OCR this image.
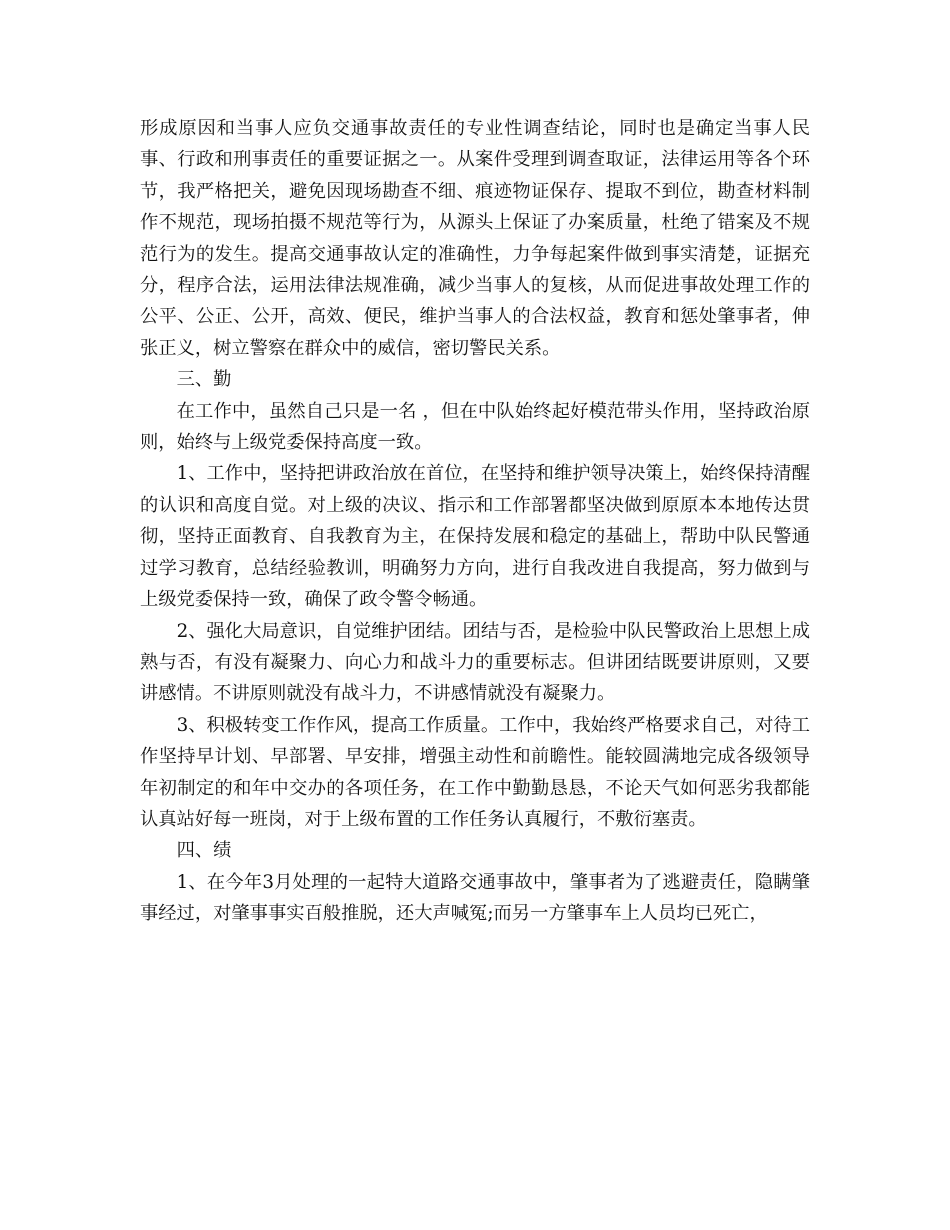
形成原因和当事人应负交通事故责任的专业性调查结论，同时也是确定当事人民事、行政和刑事责任的重要证据之一。从案件受理到调查取证，法律运用等各个环节，我严格把关，避免因现场勘查不细、痕迹物证保存、提取不到位，勘查材料制作不规范，现场拍摄不规范等行为，从源头上保证了办案质量，杜绝了错案及不规范行为的发生。提高交通事故认定的准确性，力争每起案件做到事实清楚，证据充分，程序合法，运用法律法规准确，减少当事人的复核，从而促进事故处理工作的公平、公正、公开，高效、便民，维护当事人的合法权益，教育和惩处肇事者，伸张正义，树立警察在群众中的威信，密切警民关系。

三、勤

在工作中，虽然自己只是一名 ，但在中队始终起好模范带头作用，坚持政治原则，始终与上级党委保持高度一致。

1、工作中，坚持把讲政治放在首位，在坚持和维护领导决策上，始终保持清醒的认识和高度自觉。对上级的决议、指示和工作部署都坚决做到原原本本地传达贯彻，坚持正面教育、自我教育为主，在保持发展和稳定的基础上，帮助中队民警通过学习教育，总结经验教训，明确努力方向，进行自我改进自我提高，努力做到与上级党委保持一致，确保了政令警令畅通。

2、强化大局意识，自觉维护团结。团结与否，是检验中队民警政治上思想上成熟与否，有没有凝聚力、向心力和战斗力的重要标志。但讲团结既要讲原则，又要讲感情。不讲原则就没有战斗力，不讲感情就没有凝聚力。

3、积极转变工作作风，提高工作质量。工作中，我始终严格要求自己，对待工作坚持早计划、早部署、早安排，增强主动性和前瞻性。能较圆满地完成各级领导年初制定的和年中交办的各项任务，在工作中勤勤恳恳，不论天气如何恶劣我都能认真站好每一班岗，对于上级布置的工作任务认真履行，不敷衍塞责。

四、绩

1、在今年3月处理的一起特大道路交通事故中，肇事者为了逃避责任，隐瞒肇事经过，对肇事事实百般推脱，还大声喊冤;而另一方肇事车上人员均已死亡，
